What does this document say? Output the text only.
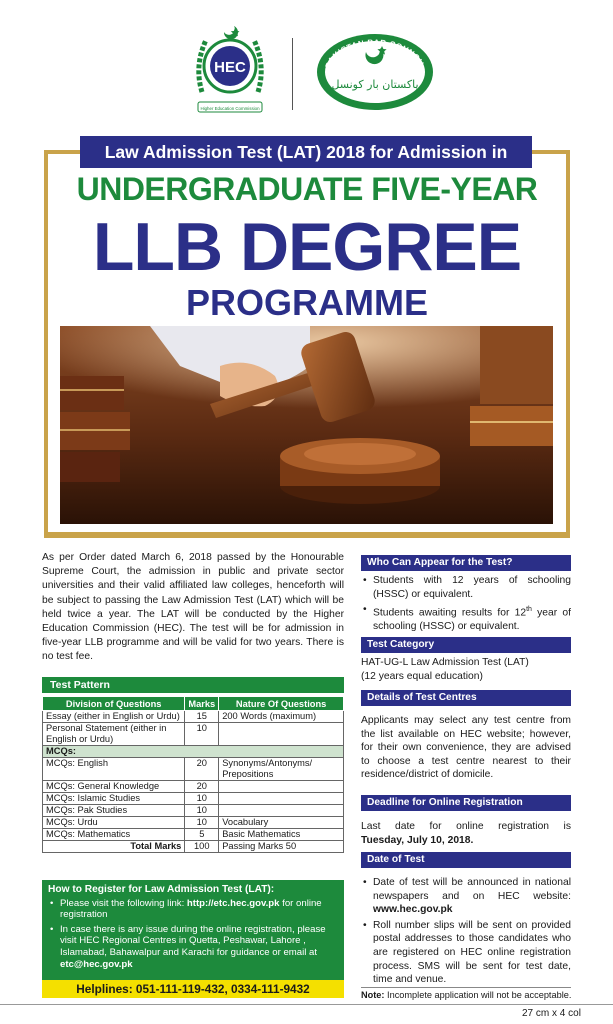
HEC
Higher Education Commission
PAKISTAN BAR COUNCIL
پاکستان بار کونسل
Law Admission Test (LAT) 2018 for Admission in
UNDERGRADUATE FIVE-YEAR
LLB DEGREE
PROGRAMME

As per Order dated March 6, 2018 passed by the Honourable Supreme Court, the admission in public and private sector universities and their valid affiliated law colleges, henceforth will be subject to passing the Law Admission Test (LAT) which will be held twice a year. The LAT will be conducted by the Higher Education Commission (HEC). The test will be for admission in five-year LLB programme and will be valid for two years. There is no test fee.

Test Pattern
Division of Questions	Marks	Nature Of Questions
Essay (either in English or Urdu)	15	200 Words (maximum)
Personal Statement (either in English or Urdu)	10	
MCQs:		
MCQs: English	20	Synonyms/Antonyms/ Prepositions
MCQs: General Knowledge	20	
MCQs: Islamic Studies	10	
MCQs: Pak Studies	10	
MCQs: Urdu	10	Vocabulary
MCQs: Mathematics	5	Basic Mathematics
Total Marks	100	Passing Marks 50
How to Register for Law Admission Test (LAT):
• Please visit the following link: http://etc.hec.gov.pk for online registration
• In case there is any issue during the online registration, please visit HEC Regional Centres in Quetta, Peshawar, Lahore , Islamabad, Bahawalpur and Karachi for guidance or email at etc@hec.gov.pk
Helplines: 051-111-119-432, 0334-111-9432
Who Can Appear for the Test?
• Students with 12 years of schooling (HSSC) or equivalent.
• Students awaiting results for 12th year of schooling (HSSC) or equivalent.
Test Category
HAT-UG-L Law Admission Test (LAT)
(12 years equal education)
Details of Test Centres

Applicants may select any test centre from the list available on HEC website; however, for their own convenience, they are advised to choose a test centre nearest to their residence/district of domicile.

Deadline for Online Registration
Last date for online registration is
Tuesday, July 10, 2018.
Date of Test
• Date of test will be announced in national newspapers and on HEC website: www.hec.gov.pk
• Roll number slips will be sent on provided postal addresses to those candidates who are registered on HEC online registration process. SMS will be sent for test date, time and venue.
Note: Incomplete application will not be acceptable.
27 cm x 4 col
